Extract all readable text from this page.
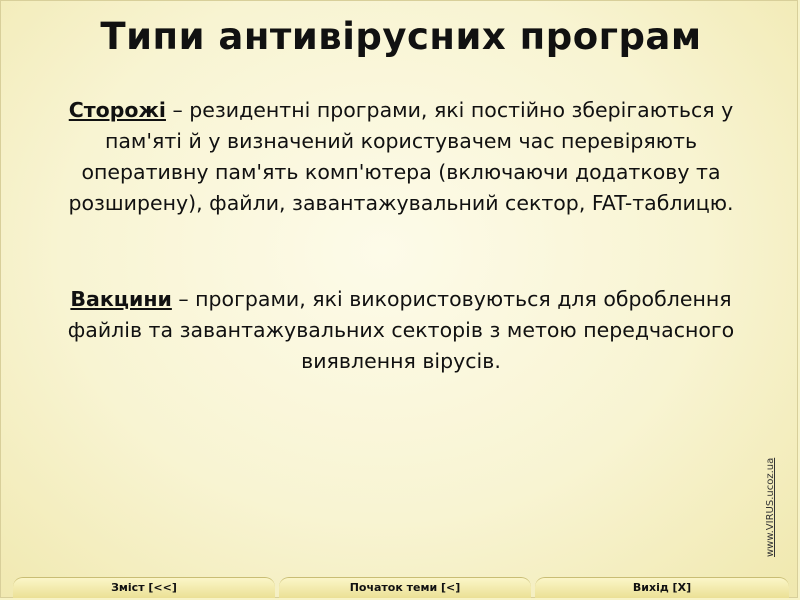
Типи антивірусних програм
Сторожі – резидентні програми, які постійно зберігаються у пам'яті й у визначений користувачем час перевіряють оперативну пам'ять комп'ютера (включаючи додаткову та розширену), файли, завантажувальний сектор, FAT-таблицю.
Вакцини – програми, які використовуються для оброблення файлів та завантажувальних секторів з метою передчасного виявлення вірусів.
www.VIRUS.ucoz.ua
Зміст [<<]	Початок теми [<]	Вихід [X]
